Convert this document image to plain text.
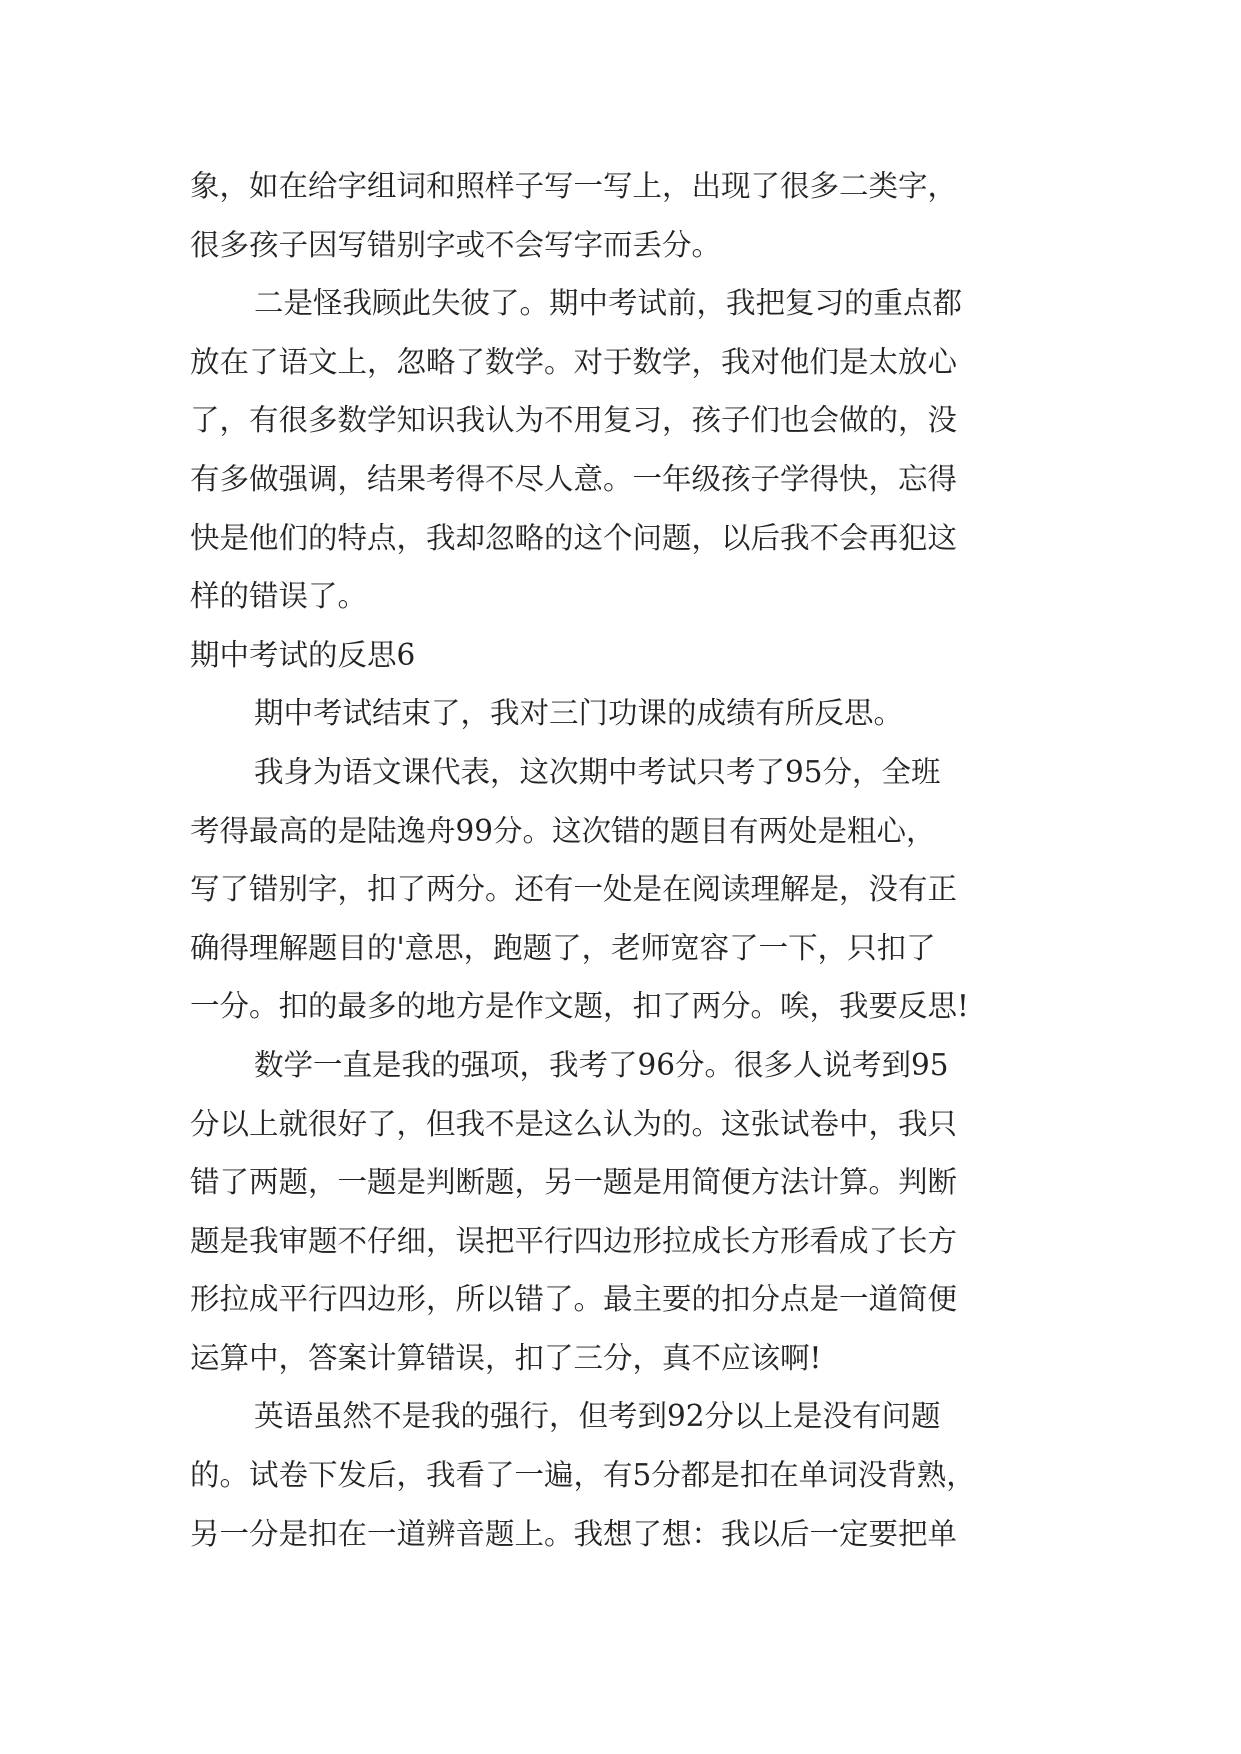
象，如在给字组词和照样子写一写上，出现了很多二类字，
很多孩子因写错别字或不会写字而丢分。
二是怪我顾此失彼了。期中考试前，我把复习的重点都
放在了语文上，忽略了数学。对于数学，我对他们是太放心
了，有很多数学知识我认为不用复习，孩子们也会做的，没
有多做强调，结果考得不尽人意。一年级孩子学得快，忘得
快是他们的特点，我却忽略的这个问题，以后我不会再犯这
样的错误了。
期中考试的反思6
期中考试结束了，我对三门功课的成绩有所反思。
我身为语文课代表，这次期中考试只考了95分，全班
考得最高的是陆逸舟99分。这次错的题目有两处是粗心，
写了错别字，扣了两分。还有一处是在阅读理解是，没有正
确得理解题目的'意思，跑题了，老师宽容了一下，只扣了
一分。扣的最多的地方是作文题，扣了两分。唉，我要反思!
数学一直是我的强项，我考了96分。很多人说考到95
分以上就很好了，但我不是这么认为的。这张试卷中，我只
错了两题，一题是判断题，另一题是用简便方法计算。判断
题是我审题不仔细，误把平行四边形拉成长方形看成了长方
形拉成平行四边形，所以错了。最主要的扣分点是一道简便
运算中，答案计算错误，扣了三分，真不应该啊!
英语虽然不是我的强行，但考到92分以上是没有问题
的。试卷下发后，我看了一遍，有5分都是扣在单词没背熟，
另一分是扣在一道辨音题上。我想了想：我以后一定要把单
